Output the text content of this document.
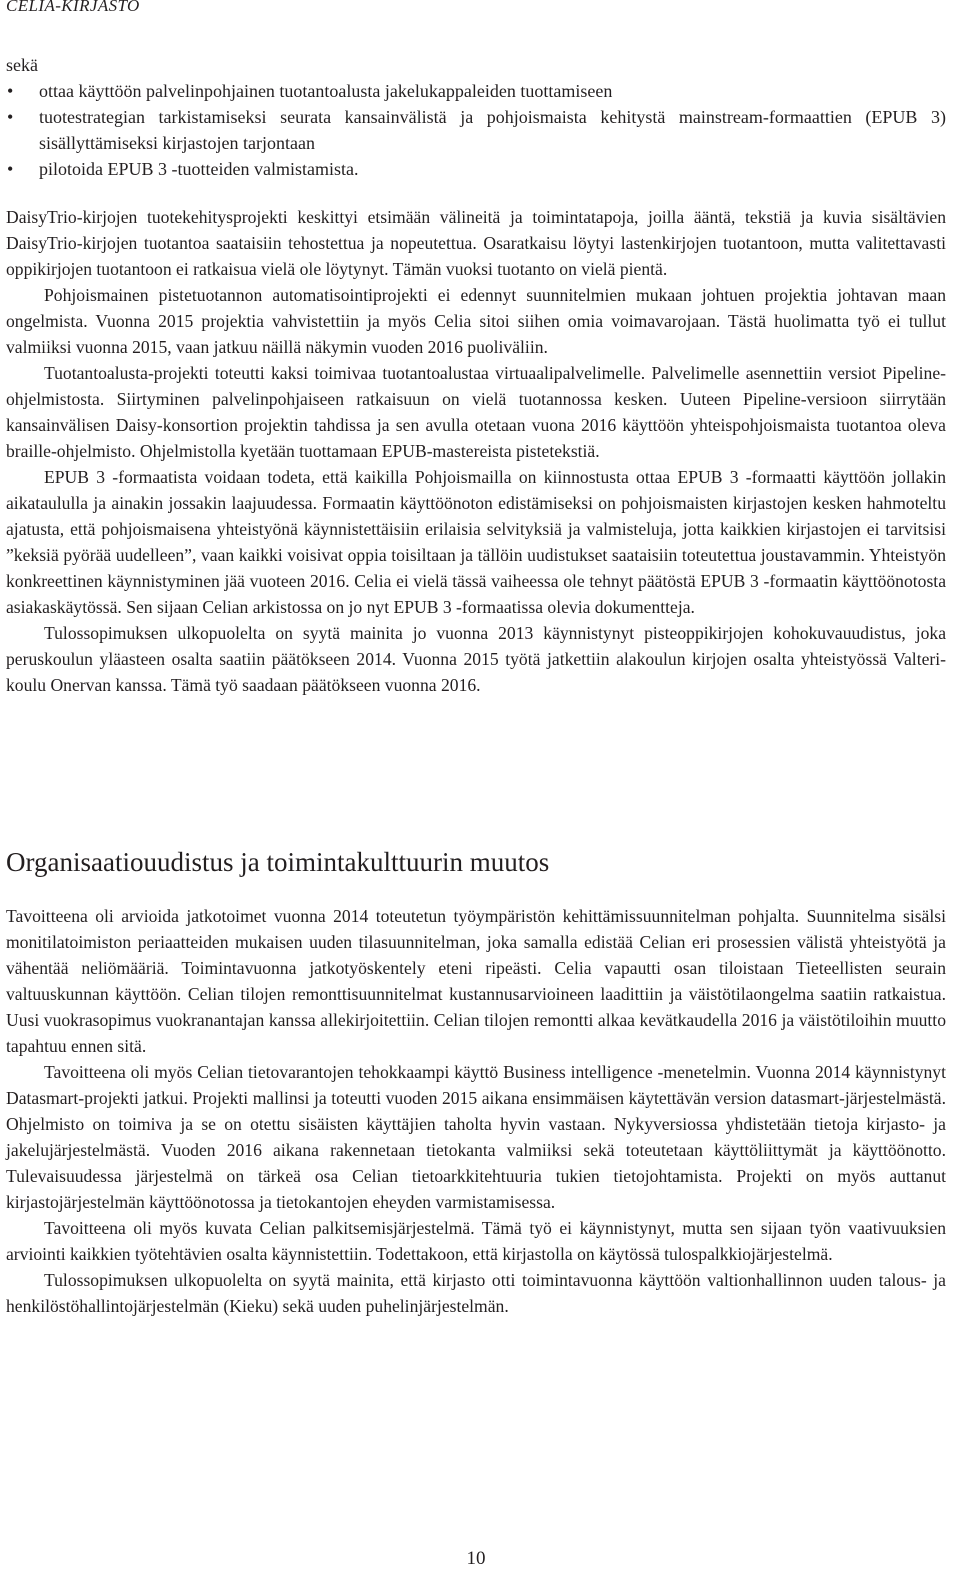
CELIA-KIRJASTO
sekä
• ottaa käyttöön palvelinpohjainen tuotantoalusta jakelukappaleiden tuottamiseen
• tuotestrategian tarkistamiseksi seurata kansainvälistä ja pohjoismaista kehitystä mainstream-formaattien (EPUB 3) sisällyttämiseksi kirjastojen tarjontaan
• pilotoida EPUB 3 -tuotteiden valmistamista.

DaisyTrio-kirjojen tuotekehitysprojekti keskittyi etsimään välineitä ja toimintatapoja, joilla ääntä, tekstiä ja kuvia sisältävien DaisyTrio-kirjojen tuotantoa saataisiin tehostettua ja nopeutettua. Osaratkaisu löytyi lastenkirjojen tuotantoon, mutta valitettavasti oppikirjojen tuotantoon ei ratkaisua vielä ole löytynyt. Tämän vuoksi tuotanto on vielä pientä.

Pohjoismainen pistetuotannon automatisointiprojekti ei edennyt suunnitelmien mukaan johtuen projektia johtavan maan ongelmista. Vuonna 2015 projektia vahvistettiin ja myös Celia sitoi siihen omia voimavarojaan. Tästä huolimatta työ ei tullut valmiiksi vuonna 2015, vaan jatkuu näillä näkymin vuoden 2016 puoliväliin.

Tuotantoalusta-projekti toteutti kaksi toimivaa tuotantoalustaa virtuaalipalvelimelle. Palvelimelle asennettiin versiot Pipeline-ohjelmistosta. Siirtyminen palvelinpohjaiseen ratkaisuun on vielä tuotannossa kesken. Uuteen Pipeline-versioon siirrytään kansainvälisen Daisy-konsortion projektin tahdissa ja sen avulla otetaan vuona 2016 käyttöön yhteispohjoismaista tuotantoa oleva braille-ohjelmisto. Ohjelmistolla kyetään tuottamaan EPUB-mastereista pistetekstiä.

EPUB 3 -formaatista voidaan todeta, että kaikilla Pohjoismailla on kiinnostusta ottaa EPUB 3 -formaatti käyttöön jollakin aikataululla ja ainakin jossakin laajuudessa. Formaatin käyttöönoton edistämiseksi on pohjoismaisten kirjastojen kesken hahmoteltu ajatusta, että pohjoismaisena yhteistyönä käynnistettäisiin erilaisia selvityksiä ja valmisteluja, jotta kaikkien kirjastojen ei tarvitsisi ”keksiä pyörää uudelleen”, vaan kaikki voisivat oppia toisiltaan ja tällöin uudistukset saataisiin toteutettua joustavammin. Yhteistyön konkreettinen käynnistyminen jää vuoteen 2016. Celia ei vielä tässä vaiheessa ole tehnyt päätöstä EPUB 3 -formaatin käyttöönotosta asiakaskäytössä. Sen sijaan Celian arkistossa on jo nyt EPUB 3 -formaatissa olevia dokumentteja.

Tulossopimuksen ulkopuolelta on syytä mainita jo vuonna 2013 käynnistynyt pisteoppikirjojen kohokuvauudistus, joka peruskoulun yläasteen osalta saatiin päätökseen 2014. Vuonna 2015 työtä jatkettiin alakoulun kirjojen osalta yhteistyössä Valteri-koulu Onervan kanssa. Tämä työ saadaan päätökseen vuonna 2016.

Organisaatiouudistus ja toimintakulttuurin muutos

Tavoitteena oli arvioida jatkotoimet vuonna 2014 toteutetun työympäristön kehittämissuunnitelman pohjalta. Suunnitelma sisälsi monitilatoimiston periaatteiden mukaisen uuden tilasuunnitelman, joka samalla edistää Celian eri prosessien välistä yhteistyötä ja vähentää neliömääriä. Toimintavuonna jatkotyöskentely eteni ripeästi. Celia vapautti osan tiloistaan Tieteellisten seurain valtuuskunnan käyttöön. Celian tilojen remonttisuunnitelmat kustannusarvioineen laadittiin ja väistötilaongelma saatiin ratkaistua. Uusi vuokrasopimus vuokranantajan kanssa allekirjoitettiin. Celian tilojen remontti alkaa kevätkaudella 2016 ja väistötiloihin muutto tapahtuu ennen sitä.

Tavoitteena oli myös Celian tietovarantojen tehokkaampi käyttö Business intelligence -menetelmin. Vuonna 2014 käynnistynyt Datasmart-projekti jatkui. Projekti mallinsi ja toteutti vuoden 2015 aikana ensimmäisen käytettävän version datasmart-järjestelmästä. Ohjelmisto on toimiva ja se on otettu sisäisten käyttäjien taholta hyvin vastaan. Nykyversiossa yhdistetään tietoja kirjasto- ja jakelujärjestelmästä. Vuoden 2016 aikana rakennetaan tietokanta valmiiksi sekä toteutetaan käyttöliittymät ja käyttöönotto. Tulevaisuudessa järjestelmä on tärkeä osa Celian tietoarkkitehtuuria tukien tietojohtamista. Projekti on myös auttanut kirjastojärjestelmän käyttöönotossa ja tietokantojen eheyden varmistamisessa.

Tavoitteena oli myös kuvata Celian palkitsemisjärjestelmä. Tämä työ ei käynnistynyt, mutta sen sijaan työn vaativuuksien arviointi kaikkien työtehtävien osalta käynnistettiin. Todettakoon, että kirjastolla on käytössä tulospalkkiojärjestelmä.

Tulossopimuksen ulkopuolelta on syytä mainita, että kirjasto otti toimintavuonna käyttöön valtionhallinnon uuden talous- ja henkilöstöhallintojärjestelmän (Kieku) sekä uuden puhelinjärjestelmän.

10
